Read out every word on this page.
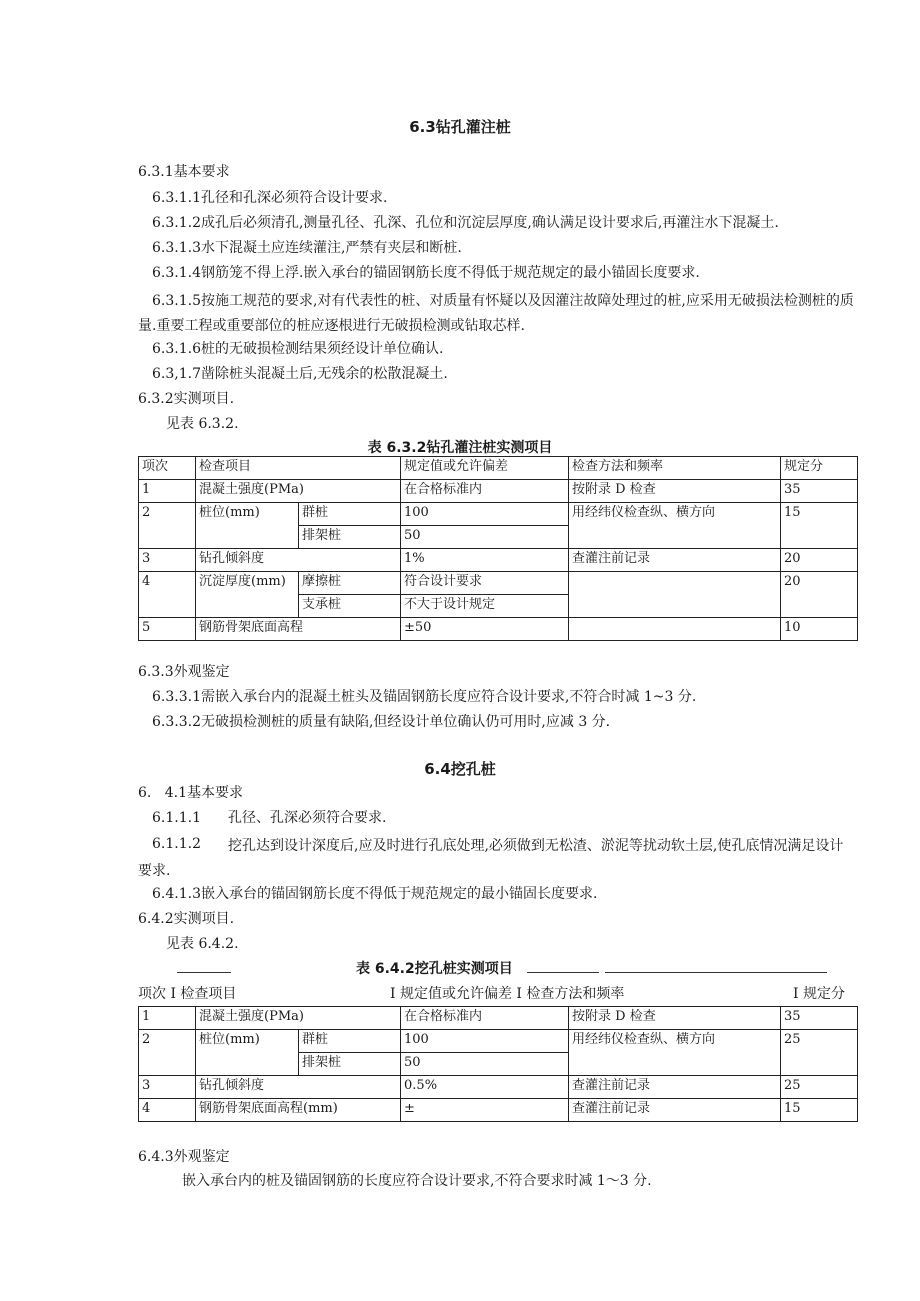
6.3钻孔灌注桩
6.3.1基本要求
6.3.1.1孔径和孔深必须符合设计要求.
6.3.1.2成孔后必须清孔,测量孔径、孔深、孔位和沉淀层厚度,确认满足设计要求后,再灌注水下混凝土.
6.3.1.3水下混凝土应连续灌注,严禁有夹层和断桩.
6.3.1.4钢筋笼不得上浮.嵌入承台的锚固钢筋长度不得低于规范规定的最小锚固长度要求.
6.3.1.5按施工规范的要求,对有代表性的桩、对质量有怀疑以及因灌注故障处理过的桩,应采用无破损法检测桩的质量.重要工程或重要部位的桩应逐根进行无破损检测或钻取芯样.
6.3.1.6桩的无破损检测结果须经设计单位确认.
6.3,1.7凿除桩头混凝土后,无残余的松散混凝土.
6.3.2实测项目.
见表 6.3.2.
表 6.3.2钻孔灌注桩实测项目
项次	检查项目		规定值或允许偏差	检查方法和频率	规定分
1	混凝土强度(PMa)		在合格标准内	按附录 D 检查	35
2	桩位(mm)	群桩	100	用经纬仪检查纵、横方向	15
		排架桩	50		
3	钻孔倾斜度		1%	查灌注前记录	20
4	沉淀厚度(mm)	摩擦桩	符合设计要求		20
		支承桩	不大于设计规定		
5	钢筋骨架底面高程		±50		10
6.3.3外观鉴定
6.3.3.1需嵌入承台内的混凝土桩头及锚固钢筋长度应符合设计要求,不符合时减 1~3 分.
6.3.3.2无破损检测桩的质量有缺陷,但经设计单位确认仍可用时,应减 3 分.
6.4挖孔桩
6.   4.1基本要求
6.1.1.1 孔径、孔深必须符合要求.
6.1.1.2	挖孔达到设计深度后,应及时进行孔底处理,必须做到无松渣、淤泥等扰动软土层,使孔底情况满足设计要求.
6.4.1.3嵌入承台的锚固钢筋长度不得低于规范规定的最小锚固长度要求.
6.4.2实测项目.
见表 6.4.2.
表 6.4.2挖孔桩实测项目
项次 I 检查项目	I 规定值或允许偏差 I 检查方法和频率	I 规定分
1	混凝土强度(PMa)		在合格标准内	按附录 D 检查	35
2	桩位(mm)	群桩	100	用经纬仪检查纵、横方向	25
		排架桩	50		
3	钻孔倾斜度		0.5%	查灌注前记录	25
4	钢筋骨架底面高程(mm)		±	查灌注前记录	15
6.4.3外观鉴定
嵌入承台内的桩及锚固钢筋的长度应符合设计要求,不符合要求时减 1～3 分.
